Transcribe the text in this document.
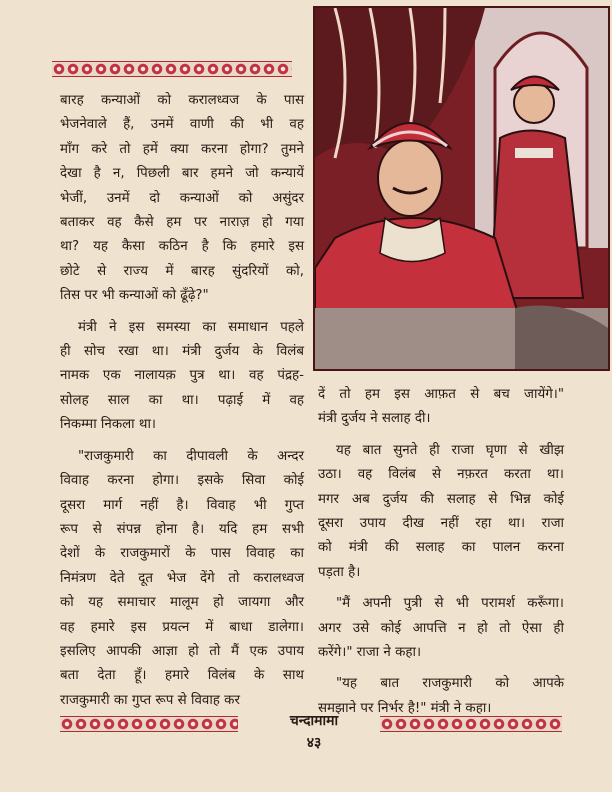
बारह कन्याओं को करालध्वज के पास

भेजनेवाले हैं, उनमें वाणी की भी वह

माँग करे तो हमें क्या करना होगा? तुमने

देखा है न, पिछली बार हमने जो कन्यायें

भेजीं, उनमें दो कन्याओं को असुंदर

बताकर वह कैसे हम पर नाराज़ हो गया

था? यह कैसा कठिन है कि हमारे इस

छोटे से राज्य में बारह सुंदरियों को,

तिस पर भी कन्याओं को ढूँढ़े?"

मंत्री ने इस समस्या का समाधान पहले

ही सोच रखा था। मंत्री दुर्जय के विलंब

नामक एक नालायक़ पुत्र था। वह पंद्रह-

सोलह साल का था। पढ़ाई में वह

निकम्मा निकला था।

"राजकुमारी का दीपावली के अन्दर

विवाह करना होगा। इसके सिवा कोई

दूसरा मार्ग नहीं है। विवाह भी गुप्त

रूप से संपन्न होना है। यदि हम सभी

देशों के राजकुमारों के पास विवाह का

निमंत्रण देते दूत भेज देंगे तो करालध्वज

को यह समाचार मालूम हो जायगा और

वह हमारे इस प्रयत्न में बाधा डालेगा।

इसलिए आपकी आज्ञा हो तो मैं एक उपाय

बता देता हूँ। हमारे विलंब के साथ

राजकुमारी का गुप्त रूप से विवाह कर

दें तो हम इस आफ़त से बच जायेंगे।"

मंत्री दुर्जय ने सलाह दी।

यह बात सुनते ही राजा घृणा से खीझ

उठा। वह विलंब से नफ़रत करता था।

मगर अब दुर्जय की सलाह से भिन्न कोई

दूसरा उपाय दीख नहीं रहा था। राजा

को मंत्री की सलाह का पालन करना

पड़ता है।

"मैं अपनी पुत्री से भी परामर्श करूँगा।

अगर उसे कोई आपत्ति न हो तो ऐसा ही

करेंगे।" राजा ने कहा।

"यह बात राजकुमारी को आपके

समझाने पर निर्भर है!" मंत्री ने कहा।

चन्दामामा
४३
